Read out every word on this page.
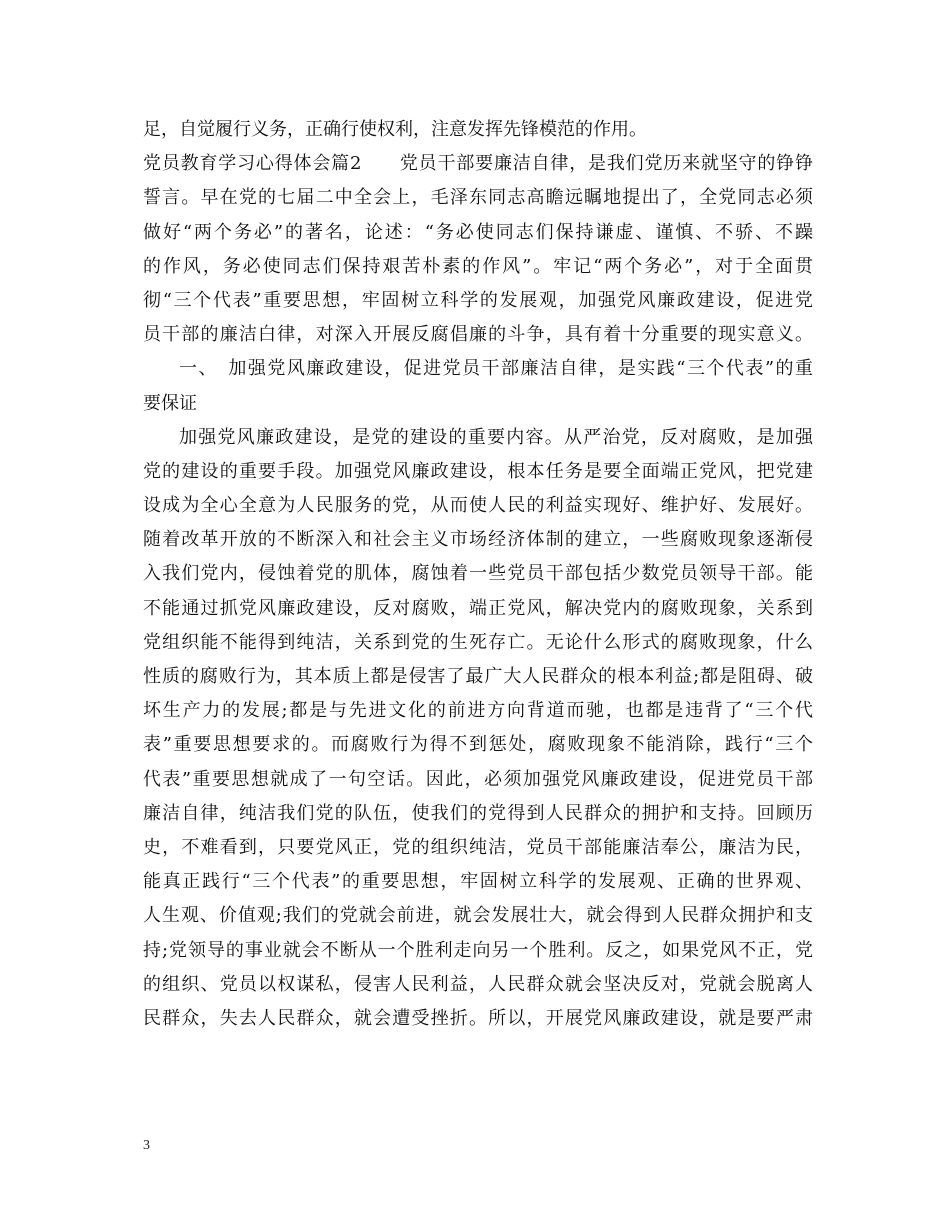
足，自觉履行义务，正确行使权利，注意发挥先锋模范的作用。
党员教育学习心得体会篇2　　党员干部要廉洁自律，是我们党历来就坚守的铮铮
誓言。早在党的七届二中全会上，毛泽东同志高瞻远瞩地提出了，全党同志必须
做好“两个务必”的著名，论述：“务必使同志们保持谦虚、谨慎、不骄、不躁
的作风，务必使同志们保持艰苦朴素的作风”。牢记“两个务必”，对于全面贯
彻“三个代表”重要思想，牢固树立科学的发展观，加强党风廉政建设，促进党
员干部的廉洁白律，对深入开展反腐倡廉的斗争，具有着十分重要的现实意义。
一、　加强党风廉政建设，促进党员干部廉洁自律，是实践“三个代表”的重
要保证
加强党风廉政建设，是党的建设的重要内容。从严治党，反对腐败，是加强
党的建设的重要手段。加强党风廉政建设，根本任务是要全面端正党风，把党建
设成为全心全意为人民服务的党，从而使人民的利益实现好、维护好、发展好。
随着改革开放的不断深入和社会主义市场经济体制的建立，一些腐败现象逐渐侵
入我们党内，侵蚀着党的肌体，腐蚀着一些党员干部包括少数党员领导干部。能
不能通过抓党风廉政建设，反对腐败，端正党风，解决党内的腐败现象，关系到
党组织能不能得到纯洁，关系到党的生死存亡。无论什么形式的腐败现象，什么
性质的腐败行为，其本质上都是侵害了最广大人民群众的根本利益;都是阻碍、破
坏生产力的发展;都是与先进文化的前进方向背道而驰，也都是违背了“三个代
表”重要思想要求的。而腐败行为得不到惩处，腐败现象不能消除，践行“三个
代表”重要思想就成了一句空话。因此，必须加强党风廉政建设，促进党员干部
廉洁自律，纯洁我们党的队伍，使我们的党得到人民群众的拥护和支持。回顾历
史，不难看到，只要党风正，党的组织纯洁，党员干部能廉洁奉公，廉洁为民，
能真正践行“三个代表”的重要思想，牢固树立科学的发展观、正确的世界观、
人生观、价值观;我们的党就会前进，就会发展壮大，就会得到人民群众拥护和支
持;党领导的事业就会不断从一个胜利走向另一个胜利。反之，如果党风不正，党
的组织、党员以权谋私，侵害人民利益，人民群众就会坚决反对，党就会脱离人
民群众，失去人民群众，就会遭受挫折。所以，开展党风廉政建设，就是要严肃
3
